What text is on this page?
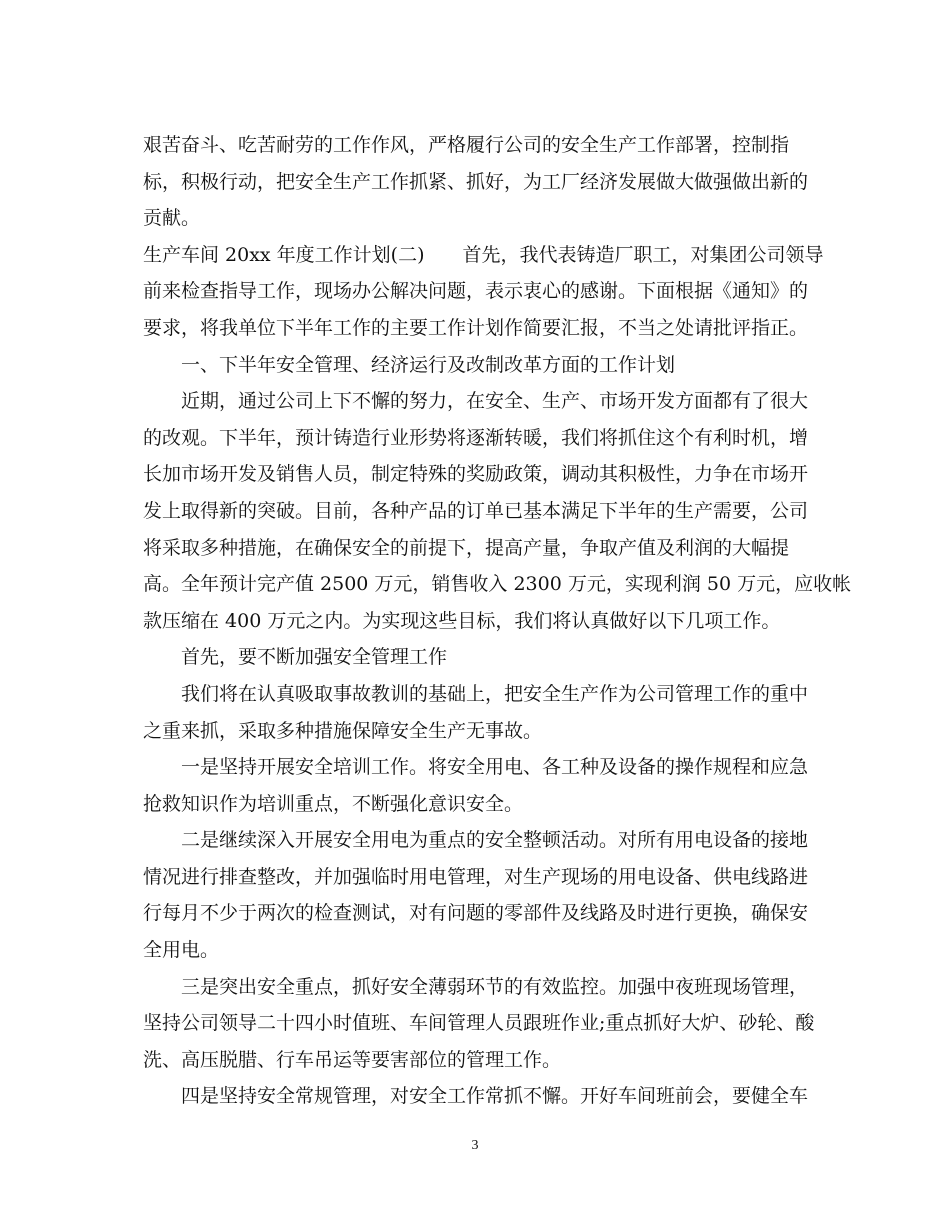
艰苦奋斗、吃苦耐劳的工作作风，严格履行公司的安全生产工作部署，控制指
标，积极行动，把安全生产工作抓紧、抓好，为工厂经济发展做大做强做出新的
贡献。
生产车间 20xx 年度工作计划(二)　　首先，我代表铸造厂职工，对集团公司领导
前来检查指导工作，现场办公解决问题，表示衷心的感谢。下面根据《通知》的
要求，将我单位下半年工作的主要工作计划作简要汇报，不当之处请批评指正。
一、下半年安全管理、经济运行及改制改革方面的工作计划
近期，通过公司上下不懈的努力，在安全、生产、市场开发方面都有了很大
的改观。下半年，预计铸造行业形势将逐渐转暖，我们将抓住这个有利时机，增
长加市场开发及销售人员，制定特殊的奖励政策，调动其积极性，力争在市场开
发上取得新的突破。目前，各种产品的订单已基本满足下半年的生产需要，公司
将采取多种措施，在确保安全的前提下，提高产量，争取产值及利润的大幅提
高。全年预计完产值 2500 万元，销售收入 2300 万元，实现利润 50 万元，应收帐
款压缩在 400 万元之内。为实现这些目标，我们将认真做好以下几项工作。
首先，要不断加强安全管理工作
我们将在认真吸取事故教训的基础上，把安全生产作为公司管理工作的重中
之重来抓，采取多种措施保障安全生产无事故。
一是坚持开展安全培训工作。将安全用电、各工种及设备的操作规程和应急
抢救知识作为培训重点，不断强化意识安全。
二是继续深入开展安全用电为重点的安全整顿活动。对所有用电设备的接地
情况进行排查整改，并加强临时用电管理，对生产现场的用电设备、供电线路进
行每月不少于两次的检查测试，对有问题的零部件及线路及时进行更换，确保安
全用电。
三是突出安全重点，抓好安全薄弱环节的有效监控。加强中夜班现场管理，
坚持公司领导二十四小时值班、车间管理人员跟班作业;重点抓好大炉、砂轮、酸
洗、高压脱腊、行车吊运等要害部位的管理工作。
四是坚持安全常规管理，对安全工作常抓不懈。开好车间班前会，要健全车
3
